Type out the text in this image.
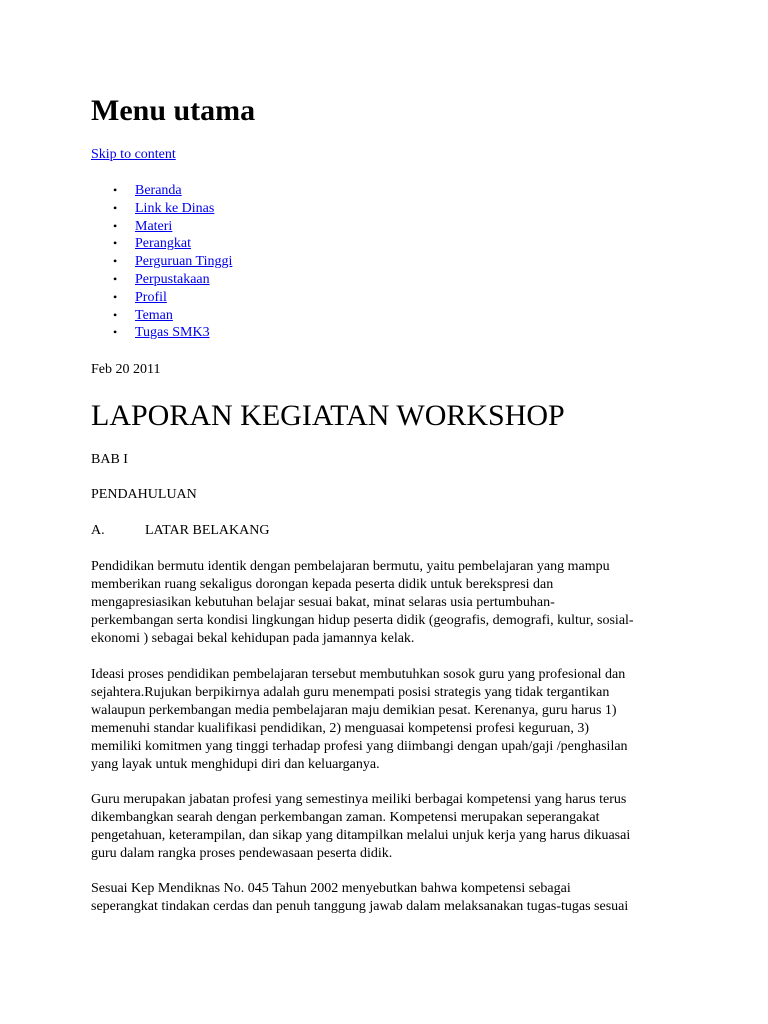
Menu utama
Skip to content
• Beranda
• Link ke Dinas
• Materi
• Perangkat
• Perguruan Tinggi
• Perpustakaan
• Profil
• Teman
• Tugas SMK3
Feb 20 2011
LAPORAN KEGIATAN WORKSHOP
BAB I
PENDAHULUAN
A.	LATAR BELAKANG
Pendidikan bermutu identik dengan pembelajaran bermutu, yaitu pembelajaran yang mampu
memberikan ruang sekaligus dorongan kepada peserta didik untuk berekspresi dan
mengapresiasikan kebutuhan belajar sesuai bakat, minat selaras usia pertumbuhan-
perkembangan serta kondisi lingkungan hidup peserta didik (geografis, demografi, kultur, sosial-
ekonomi ) sebagai bekal kehidupan pada jamannya kelak.
Ideasi proses pendidikan pembelajaran tersebut membutuhkan sosok guru yang profesional dan
sejahtera.Rujukan berpikirnya adalah guru menempati posisi strategis yang tidak tergantikan
walaupun perkembangan media pembelajaran maju demikian pesat. Kerenanya, guru harus 1)
memenuhi standar kualifikasi pendidikan, 2) menguasai kompetensi profesi keguruan, 3)
memiliki komitmen yang tinggi terhadap profesi yang diimbangi dengan upah/gaji /penghasilan
yang layak untuk menghidupi diri dan keluarganya.
Guru merupakan jabatan profesi yang semestinya meiliki berbagai kompetensi yang harus terus
dikembangkan searah dengan perkembangan zaman. Kompetensi merupakan seperangakat
pengetahuan, keterampilan, dan sikap yang ditampilkan melalui unjuk kerja yang harus dikuasai
guru dalam rangka proses pendewasaan peserta didik.
Sesuai Kep Mendiknas No. 045 Tahun 2002 menyebutkan bahwa kompetensi sebagai
seperangkat tindakan cerdas dan penuh tanggung jawab dalam melaksanakan tugas-tugas sesuai
